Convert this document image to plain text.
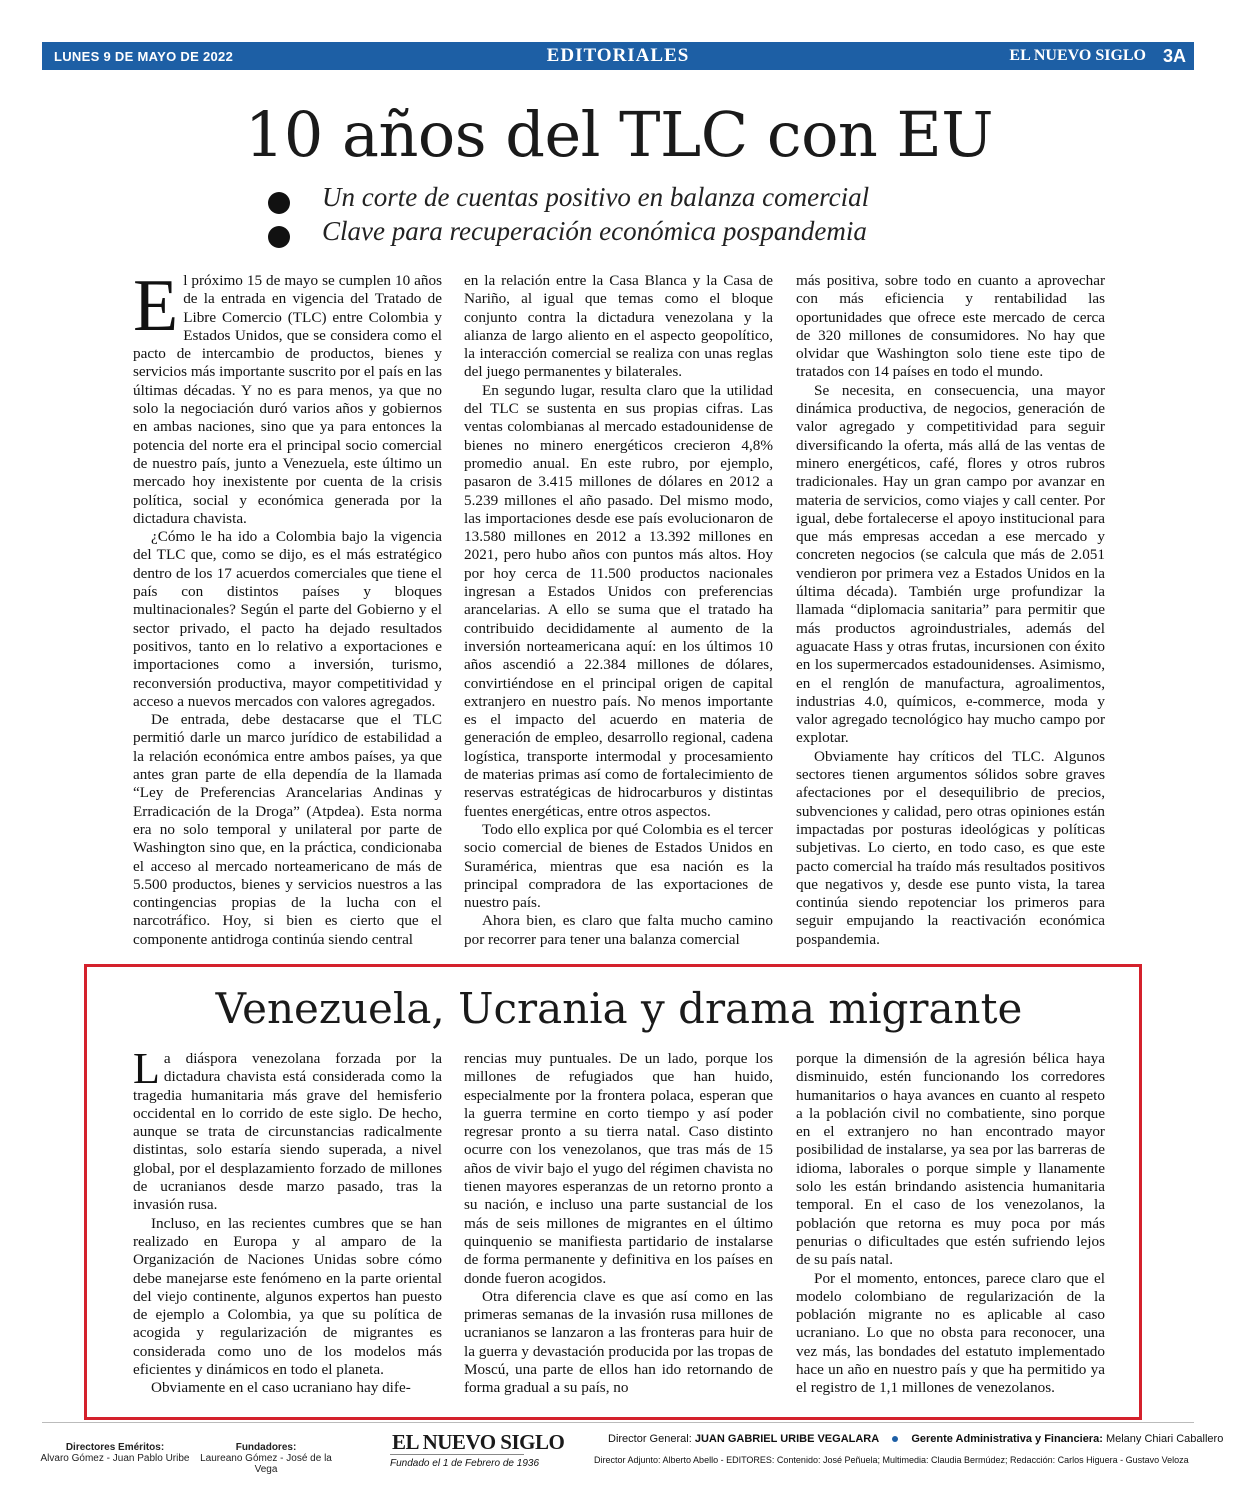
LUNES 9 DE MAYO DE 2022	EDITORIALES	EL NUEVO SIGLO 3A
10 años del TLC con EU
Un corte de cuentas positivo en balanza comercial
Clave para recuperación económica pospandemia

El próximo 15 de mayo se cumplen 10 años de la entrada en vigencia del Tratado de Libre Comercio (TLC) entre Colombia y Estados Unidos, que se considera como el pacto de intercambio de productos, bienes y servicios más importante suscrito por el país en las últimas décadas. Y no es para menos, ya que no solo la negociación duró varios años y gobiernos en ambas naciones, sino que ya para entonces la potencia del norte era el principal socio comercial de nuestro país, junto a Venezuela, este último un mercado hoy inexistente por cuenta de la crisis política, social y económica generada por la dictadura chavista.

¿Cómo le ha ido a Colombia bajo la vigencia del TLC que, como se dijo, es el más estratégico dentro de los 17 acuerdos comerciales que tiene el país con distintos países y bloques multinacionales? Según el parte del Gobierno y el sector privado, el pacto ha dejado resultados positivos, tanto en lo relativo a exportaciones e importaciones como a inversión, turismo, reconversión productiva, mayor competitividad y acceso a nuevos mercados con valores agregados.

De entrada, debe destacarse que el TLC permitió darle un marco jurídico de estabilidad a la relación económica entre ambos países, ya que antes gran parte de ella dependía de la llamada “Ley de Preferencias Arancelarias Andinas y Erradicación de la Droga” (Atpdea). Esta norma era no solo temporal y unilateral por parte de Washington sino que, en la práctica, condicionaba el acceso al mercado norteamericano de más de 5.500 productos, bienes y servicios nuestros a las contingencias propias de la lucha con el narcotráfico. Hoy, si bien es cierto que el componente antidroga continúa siendo central

en la relación entre la Casa Blanca y la Casa de Nariño, al igual que temas como el bloque conjunto contra la dictadura venezolana y la alianza de largo aliento en el aspecto geopolítico, la interacción comercial se realiza con unas reglas del juego permanentes y bilaterales.

En segundo lugar, resulta claro que la utilidad del TLC se sustenta en sus propias cifras. Las ventas colombianas al mercado estadounidense de bienes no minero energéticos crecieron 4,8% promedio anual. En este rubro, por ejemplo, pasaron de 3.415 millones de dólares en 2012 a 5.239 millones el año pasado. Del mismo modo, las importaciones desde ese país evolucionaron de 13.580 millones en 2012 a 13.392 millones en 2021, pero hubo años con puntos más altos. Hoy por hoy cerca de 11.500 productos nacionales ingresan a Estados Unidos con preferencias arancelarias. A ello se suma que el tratado ha contribuido decididamente al aumento de la inversión norteamericana aquí: en los últimos 10 años ascendió a 22.384 millones de dólares, convirtiéndose en el principal origen de capital extranjero en nuestro país. No menos importante es el impacto del acuerdo en materia de generación de empleo, desarrollo regional, cadena logística, transporte intermodal y procesamiento de materias primas así como de fortalecimiento de reservas estratégicas de hidrocarburos y distintas fuentes energéticas, entre otros aspectos.

Todo ello explica por qué Colombia es el tercer socio comercial de bienes de Estados Unidos en Suramérica, mientras que esa nación es la principal compradora de las exportaciones de nuestro país.

Ahora bien, es claro que falta mucho camino por recorrer para tener una balanza comercial

más positiva, sobre todo en cuanto a aprovechar con más eficiencia y rentabilidad las oportunidades que ofrece este mercado de cerca de 320 millones de consumidores. No hay que olvidar que Washington solo tiene este tipo de tratados con 14 países en todo el mundo.

Se necesita, en consecuencia, una mayor dinámica productiva, de negocios, generación de valor agregado y competitividad para seguir diversificando la oferta, más allá de las ventas de minero energéticos, café, flores y otros rubros tradicionales. Hay un gran campo por avanzar en materia de servicios, como viajes y call center. Por igual, debe fortalecerse el apoyo institucional para que más empresas accedan a ese mercado y concreten negocios (se calcula que más de 2.051 vendieron por primera vez a Estados Unidos en la última década). También urge profundizar la llamada “diplomacia sanitaria” para permitir que más productos agroindustriales, además del aguacate Hass y otras frutas, incursionen con éxito en los supermercados estadounidenses. Asimismo, en el renglón de manufactura, agroalimentos, industrias 4.0, químicos, e-commerce, moda y valor agregado tecnológico hay mucho campo por explotar.

Obviamente hay críticos del TLC. Algunos sectores tienen argumentos sólidos sobre graves afectaciones por el desequilibrio de precios, subvenciones y calidad, pero otras opiniones están impactadas por posturas ideológicas y políticas subjetivas. Lo cierto, en todo caso, es que este pacto comercial ha traído más resultados positivos que negativos y, desde ese punto vista, la tarea continúa siendo repotenciar los primeros para seguir empujando la reactivación económica pospandemia.

Venezuela, Ucrania y drama migrante

La diáspora venezolana forzada por la dictadura chavista está considerada como la tragedia humanitaria más grave del hemisferio occidental en lo corrido de este siglo. De hecho, aunque se trata de circunstancias radicalmente distintas, solo estaría siendo superada, a nivel global, por el desplazamiento forzado de millones de ucranianos desde marzo pasado, tras la invasión rusa.

Incluso, en las recientes cumbres que se han realizado en Europa y al amparo de la Organización de Naciones Unidas sobre cómo debe manejarse este fenómeno en la parte oriental del viejo continente, algunos expertos han puesto de ejemplo a Colombia, ya que su política de acogida y regularización de migrantes es considerada como uno de los modelos más eficientes y dinámicos en todo el planeta.

Obviamente en el caso ucraniano hay dife-

rencias muy puntuales. De un lado, porque los millones de refugiados que han huido, especialmente por la frontera polaca, esperan que la guerra termine en corto tiempo y así poder regresar pronto a su tierra natal. Caso distinto ocurre con los venezolanos, que tras más de 15 años de vivir bajo el yugo del régimen chavista no tienen mayores esperanzas de un retorno pronto a su nación, e incluso una parte sustancial de los más de seis millones de migrantes en el último quinquenio se manifiesta partidario de instalarse de forma permanente y definitiva en los países en donde fueron acogidos.

Otra diferencia clave es que así como en las primeras semanas de la invasión rusa millones de ucranianos se lanzaron a las fronteras para huir de la guerra y devastación producida por las tropas de Moscú, una parte de ellos han ido retornando de forma gradual a su país, no

porque la dimensión de la agresión bélica haya disminuido, estén funcionando los corredores humanitarios o haya avances en cuanto al respeto a la población civil no combatiente, sino porque en el extranjero no han encontrado mayor posibilidad de instalarse, ya sea por las barreras de idioma, laborales o porque simple y llanamente solo les están brindando asistencia humanitaria temporal. En el caso de los venezolanos, la población que retorna es muy poca por más penurias o dificultades que estén sufriendo lejos de su país natal.

Por el momento, entonces, parece claro que el modelo colombiano de regularización de la población migrante no es aplicable al caso ucraniano. Lo que no obsta para reconocer, una vez más, las bondades del estatuto implementado hace un año en nuestro país y que ha permitido ya el registro de 1,1 millones de venezolanos.

Directores Eméritos:
Alvaro Gómez - Juan Pablo Uribe
Fundadores:
Laureano Gómez - José de la Vega
EL NUEVO SIGLO
Fundado el 1 de Febrero de 1936
Director General: JUAN GABRIEL URIBE VEGALARA	Gerente Administrativa y Financiera: Melany Chiari Caballero
Director Adjunto: Alberto Abello - EDITORES: Contenido: José Peñuela; Multimedia: Claudia Bermúdez; Redacción: Carlos Higuera - Gustavo Veloza
